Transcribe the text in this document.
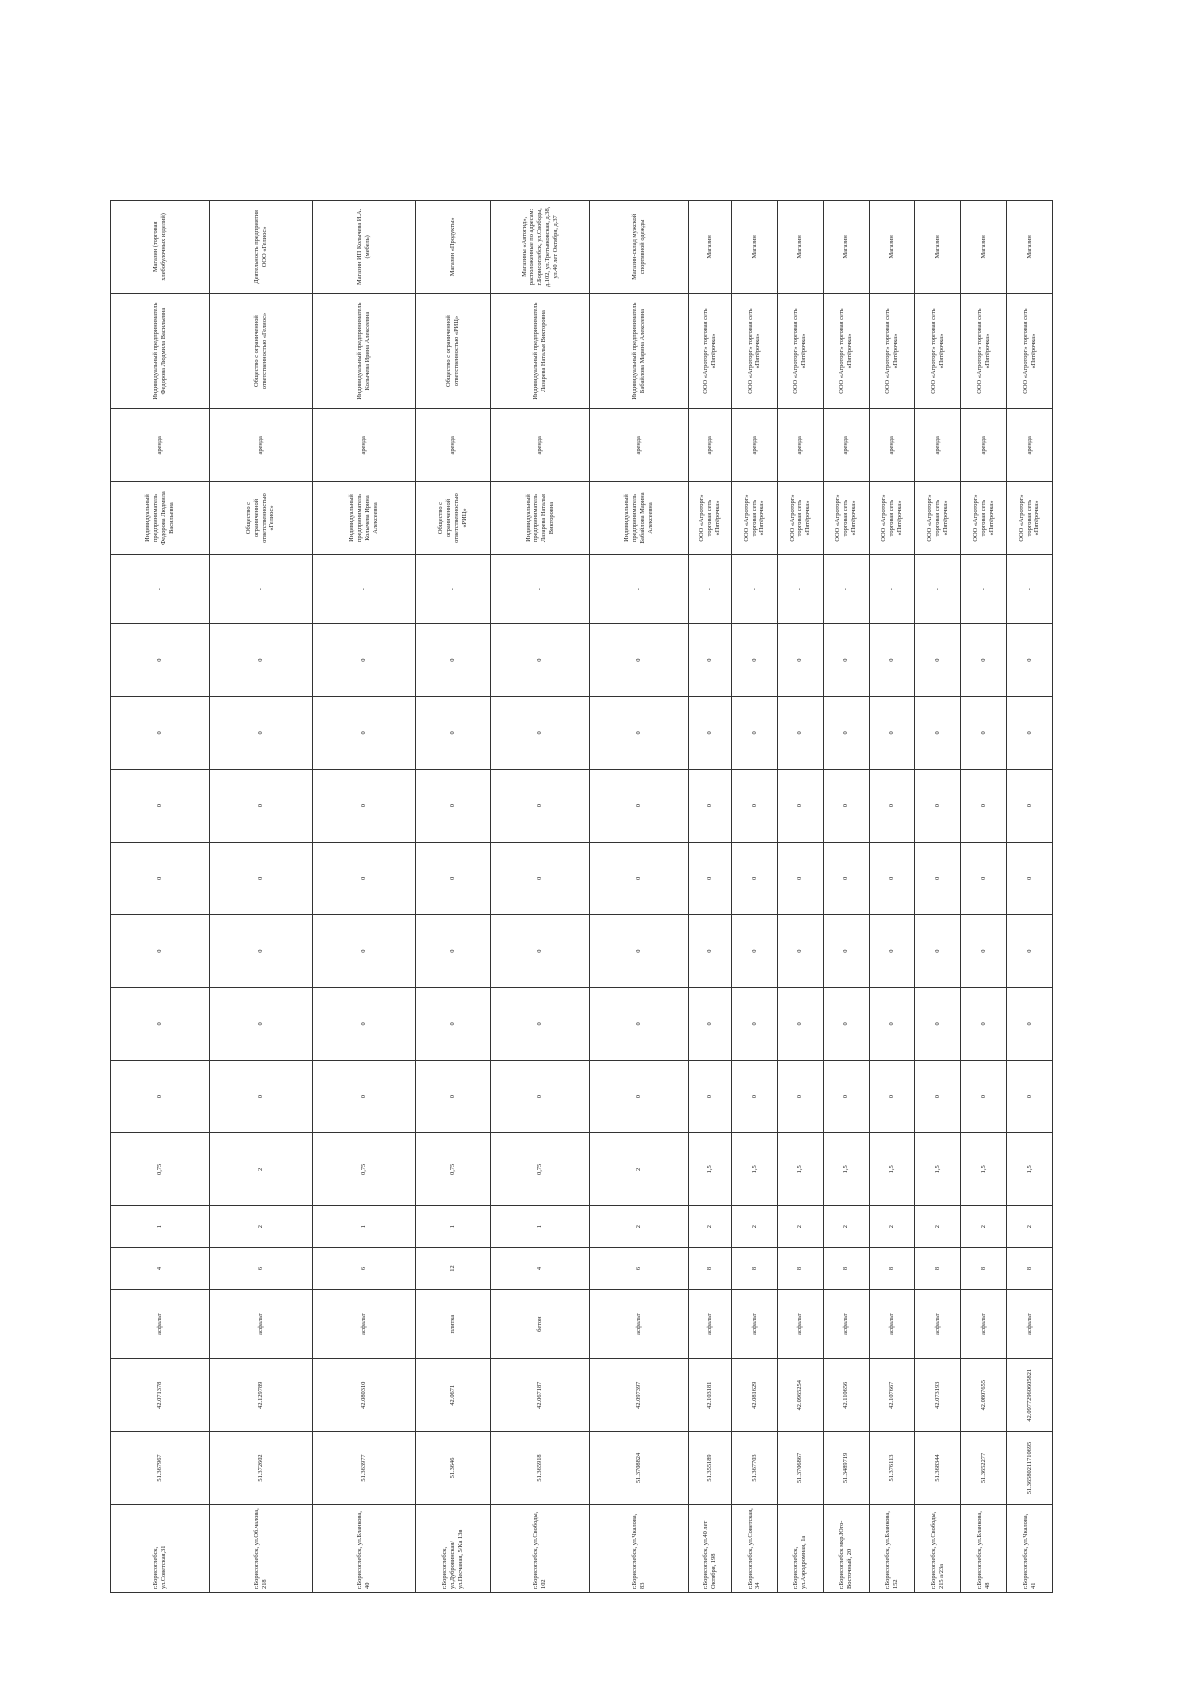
г.Борисоглебск, ул.Советская,31	51.367967	42.071378	асфальт	4	1	0,75	0	0	0	0	0	0	0	-	Индивидуальный предприниматель Федорова Людмила Васильевна	аренда	Индивидуальный предприниматель Федорова Людмила Васильевна	Магазин (торговая хлебобулочных изделий)
г.Борисоглебск, ул.Об.чалова, 218	51.372602	42.129789	асфальт	6	2	2	0	0	0	0	0	0	0	-	Общество с ограниченной ответственностью «Гелиос»	аренда	Общество с ограниченной ответственностью «Гелиос»	Деятельность предприятия ООО «Гелиос»
г.Борисоглебск, ул.Бланкова, 40	51.363977	42.080310	асфальт	6	1	0,75	0	0	0	0	0	0	0	-	Индивидуальный предприниматель Колычева Ирина Алексеевна	аренда	Индивидуальный предприниматель Колычева Ирина Алексеевна	Магазин ИП Колычева И.А. (мебель)
г.Борисоглебск, ул.Дубровинская/ул.Песчаная, 5/Ка 13в	51.3646	42.0671	плитка	12	1	0,75	0	0	0	0	0	0	0	-	Общество с ограниченной ответственностью «РИЦ»	аренда	Общество с ограниченной ответственностью «РИЦ»	Магазин «Продукты»
г.Борисоглебск, ул.Свободы, 102	51.365918	42.067187	бетон	4	1	0,75	0	0	0	0	0	0	0	-	Индивидуальный предприниматель Лазарева Наталья Викторовна	аренда	Индивидуальный предприниматель Лазарева Наталья Викторовна	Магазины «Автогид», расположенные по адресам: г.Борисоглебск, ул.Свободы, д.102, ул.Третьяковская, д.38, ул.40 лет Октября, д.37
г.Борисоглебск, ул.Чкалова, 83	51.3708824	42.097397	асфальт	6	2	2	0	0	0	0	0	0	0	-	Индивидуальный предприниматель Бабайлова Марина Алексеевна	аренда	Индивидуальный предприниматель Бабайлова Марина Алексеевна	Магазин-склад мужской спортивной одежды
г.Борисоглебск, ул.40 лет Октября, 198	51.355189	42.103181	асфальт	8	2	1,5	0	0	0	0	0	0	0	-	ООО «Агроторг» торговая сеть «Пятёрочка»	аренда	ООО «Агроторг» торговая сеть «Пятёрочка»	Магазин
г.Борисоглебск, ул.Советская, 34	51.367703	42.081629	асфальт	8	2	1,5	0	0	0	0	0	0	0	-	ООО «Агроторг» торговая сеть «Пятёрочка»	аренда	ООО «Агроторг» торговая сеть «Пятёрочка»	Магазин
г.Борисоглебск, ул.Аэродромная, 1а	51.3706867	42.0965254	асфальт	8	2	1,5	0	0	0	0	0	0	0	-	ООО «Агроторг» торговая сеть «Пятёрочка»	аренда	ООО «Агроторг» торговая сеть «Пятёрочка»	Магазин
г.Борисоглебск мкр.Юго-Восточный, 20	51.3489719	42.110656	асфальт	8	2	1,5	0	0	0	0	0	0	0	-	ООО «Агроторг» торговая сеть «Пятёрочка»	аренда	ООО «Агроторг» торговая сеть «Пятёрочка»	Магазин
г.Борисоглебск, ул.Бланкова, 152	51.376113	42.107667	асфальт	8	2	1,5	0	0	0	0	0	0	0	-	ООО «Агроторг» торговая сеть «Пятёрочка»	аренда	ООО «Агроторг» торговая сеть «Пятёрочка»	Магазин
г.Борисоглебск, ул.Свободы, 215 а/23а	51.368344	42.073193	асфальт	8	2	1,5	0	0	0	0	0	0	0	-	ООО «Агроторг» торговая сеть «Пятёрочка»	аренда	ООО «Агроторг» торговая сеть «Пятёрочка»	Магазин
г.Борисоглебск, ул.Бланкова, 48	51.3652277	42.0807655	асфальт	8	2	1,5	0	0	0	0	0	0	0	-	ООО «Агроторг» торговая сеть «Пятёрочка»	аренда	ООО «Агроторг» торговая сеть «Пятёрочка»	Магазин
г.Борисоглебск, ул.Чкалова, 41	51.36580211710695	42.09772960605821	асфальт	8	2	1,5	0	0	0	0	0	0	0	-	ООО «Агроторг» торговая сеть «Пятёрочка»	аренда	ООО «Агроторг» торговая сеть «Пятёрочка»	Магазин
